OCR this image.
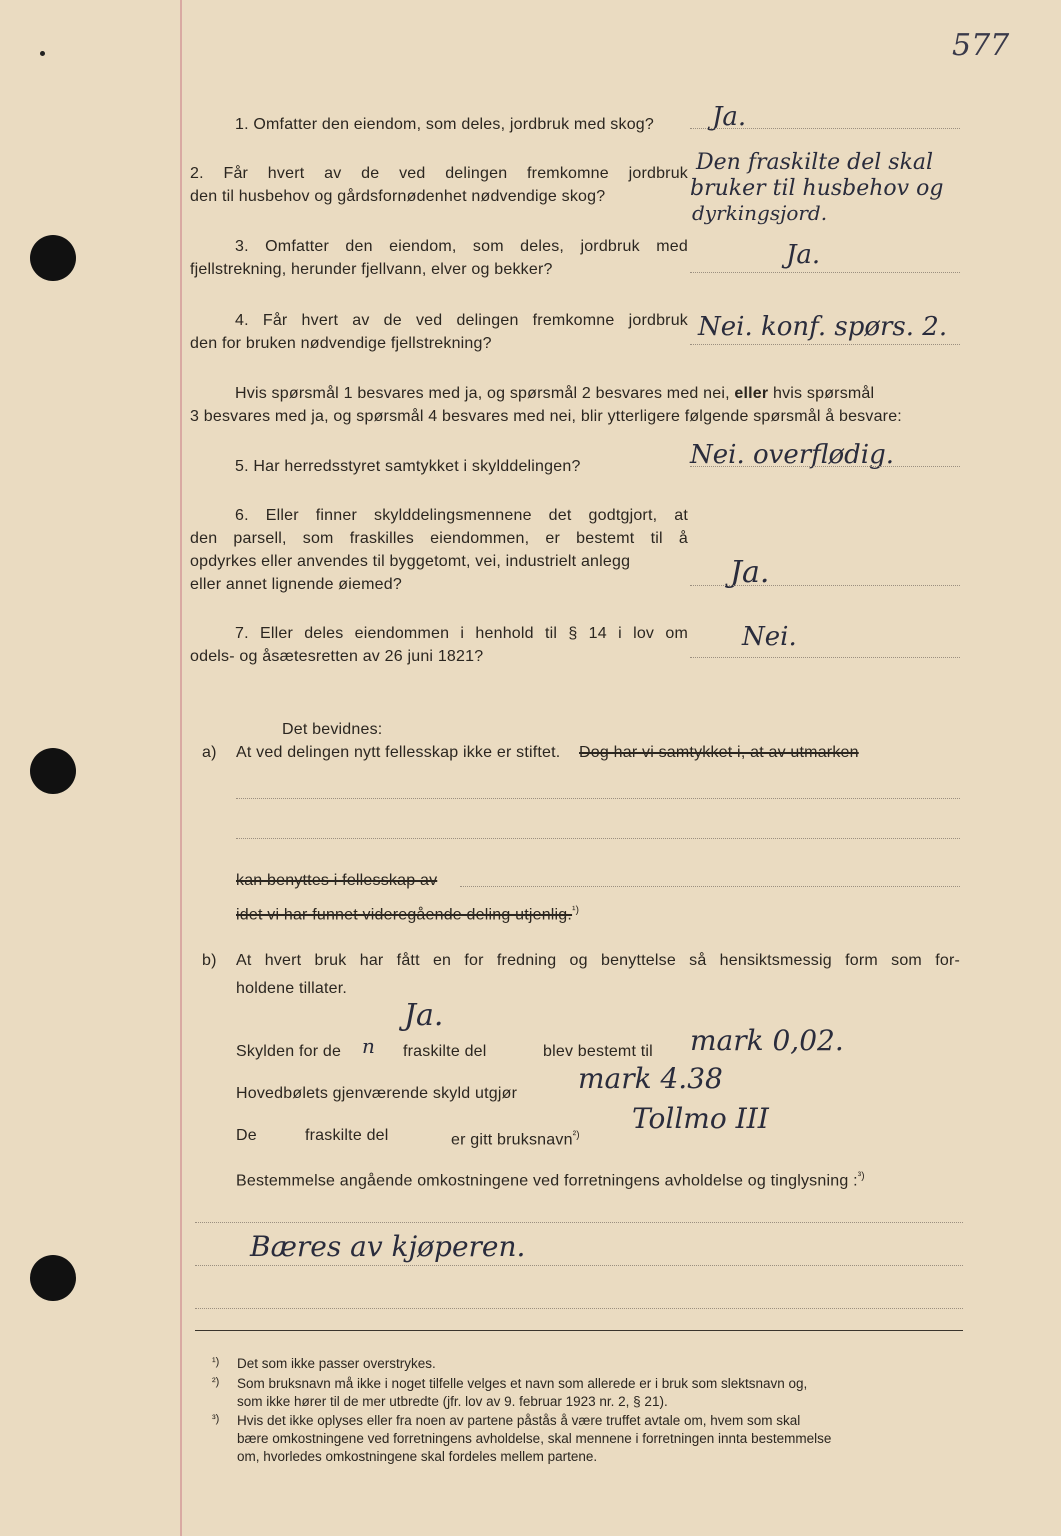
577
1. Omfatter den eiendom, som deles, jordbruk med skog? Ja.
2. Får hvert av de ved delingen fremkomne jordbruk
den til husbehov og gårdsfornødenhet nødvendige skog?
Den fraskilte del skal
bruker til husbehov og
dyrkingsjord.
3. Omfatter den eiendom, som deles, jordbruk med
fjellstrekning, herunder fjellvann, elver og bekker?	Ja.
4. Får hvert av de ved delingen fremkomne jordbruk
den for bruken nødvendige fjellstrekning?
Nei. konf. spørs. 2.
Hvis spørsmål 1 besvares med ja, og spørsmål 2 besvares med nei, eller hvis spørsmål
3 besvares med ja, og spørsmål 4 besvares med nei, blir ytterligere følgende spørsmål å besvare:
5. Har herredsstyret samtykket i skylddelingen?	Nei. overflødig.
6. Eller finner skylddelingsmennene det godtgjort, at
den parsell, som fraskilles eiendommen, er bestemt til å
opdyrkes eller anvendes til byggetomt, vei, industrielt anlegg
eller annet lignende øiemed?	Ja.
7. Eller deles eiendommen i henhold til § 14 i lov om
odels- og åsætesretten av 26 juni 1821?
Nei.
Det bevidnes:
a) At ved delingen nytt fellesskap ikke er stiftet. Dog har vi samtykket i, at av utmarken
kan benyttes i fellesskap av
idet vi har funnet videregående deling utjenlig.$^{^1)}$
b) At hvert bruk har fått en for fredning og benyttelse så hensiktsmessig form som for-
holdene tillater.
Ja.
Skylden for de n fraskilte del	blev bestemt til mark 0,02.
Hovedbølets gjenværende skyld utgjør mark 4.38
De	fraskilte del	er gitt bruksnavn$^{^2)}$
Tollmo III
Bestemmelse angående omkostningene ved forretningens avholdelse og tinglysning :$^{^3)}$
Bæres av kjøperen.
¹) Det som ikke passer overstrykes.
²) Som bruksnavn må ikke i noget tilfelle velges et navn som allerede er i bruk som slektsnavn og,
som ikke hører til de mer utbredte (jfr. lov av 9. februar 1923 nr. 2, § 21).
³) Hvis det ikke oplyses eller fra noen av partene påstås å være truffet avtale om, hvem som skal
bære omkostningene ved forretningens avholdelse, skal mennene i forretningen innta bestemmelse
om, hvorledes omkostningene skal fordeles mellem partene.
